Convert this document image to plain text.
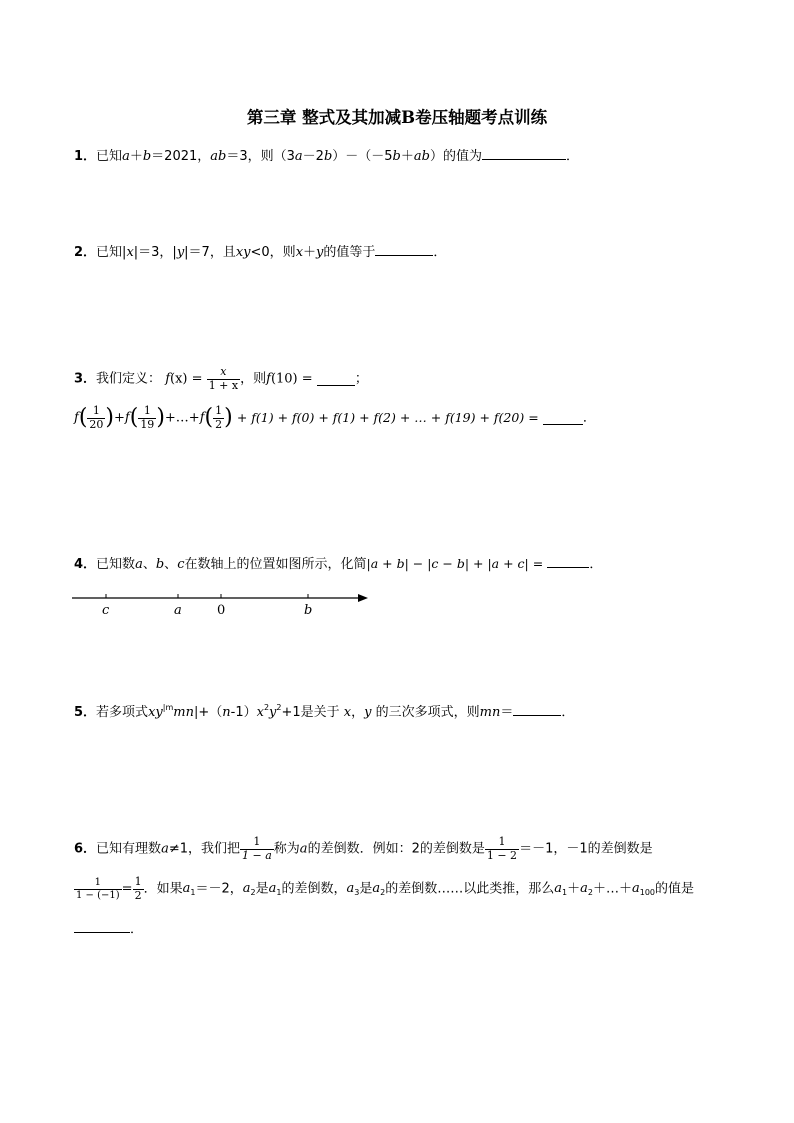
第三章 整式及其加减B卷压轴题考点训练
1．已知a＋b＝2021，ab＝3，则（3a－2b）－（－5b＋ab）的值为	．
2．已知|x|＝3，|y|＝7，且xy<0，则x＋y的值等于	．
3．我们定义： $f(x) = \frac{x}{1 + x}$ ，则f(10) =	；
$f( \frac{1}{20} )+f( \frac{1}{19}$ )+…+f( $\frac{1}{2}$ ) + f(1) + f(0) + f(1) + f(2) + … + f(19) + f(20) =	．
4．已知数a、b、c在数轴上的位置如图所示，化简|a + b| − |c − b| + |a + c| =	．
c	a	0	b
5．若多项式$xy^{|m}mn|+(n-1)x^2y^2+1$是关于 x，y 的三次多项式，则mn＝	．
6．已知有理数a≠1，我们把 $\frac{1}{1 - a}$ 称为a的差倒数．例如：2的差倒数是 $\frac{1}{1 - 2} =-1$，－1的差倒数是
$\frac{1}{1 - (-1)} = \frac{1}{2}$ ．如果$a_1=-2$，$a_2$是$a_1$的差倒数，$a_3$是$a_2$的差倒数……以此类推，那么$a_1+a_2+\dots+a_{100}$的值是
．
